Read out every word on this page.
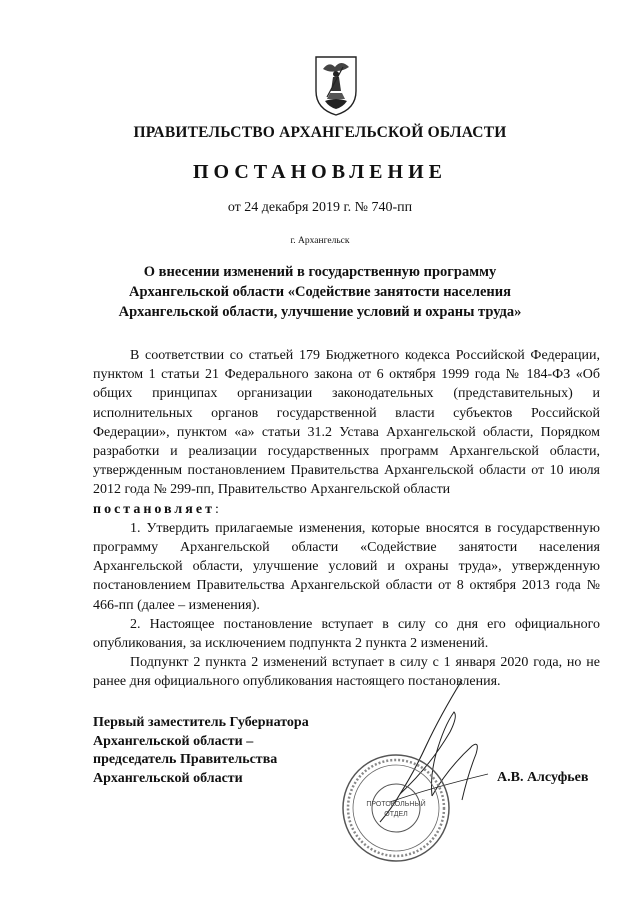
ПРАВИТЕЛЬСТВО АРХАНГЕЛЬСКОЙ ОБЛАСТИ
ПОСТАНОВЛЕНИЕ
от 24 декабря 2019 г. № 740-пп
г. Архангельск
О внесении изменений в государственную программу
Архангельской области «Содействие занятости населения
Архангельской области, улучшение условий и охраны труда»

В соответствии со статьей 179 Бюджетного кодекса Российской Федерации, пунктом 1 статьи 21 Федерального закона от 6 октября 1999 года № 184-ФЗ «Об общих принципах организации законодательных (представительных) и исполнительных органов государственной власти субъектов Российской Федерации», пунктом «а» статьи 31.2 Устава Архангельской области, Порядком разработки и реализации государственных программ Архангельской области, утвержденным постановлением Правительства Архангельской области от 10 июля 2012 года № 299-пп, Правительство Архангельской области

постановляет:

1. Утвердить прилагаемые изменения, которые вносятся в государственную программу Архангельской области «Содействие занятости населения Архангельской области, улучшение условий и охраны труда», утвержденную постановлением Правительства Архангельской области от 8 октября 2013 года № 466-пп (далее – изменения).

2. Настоящее постановление вступает в силу со дня его официального опубликования, за исключением подпункта 2 пункта 2 изменений.

Подпункт 2 пункта 2 изменений вступает в силу с 1 января 2020 года, но не ранее дня официального опубликования настоящего постановления.

ПРОТОКОЛЬНЫЙ
ОТДЕЛ
Первый заместитель Губернатора
Архангельской области –
председатель Правительства
Архангельской области	А.В. Алсуфьев
